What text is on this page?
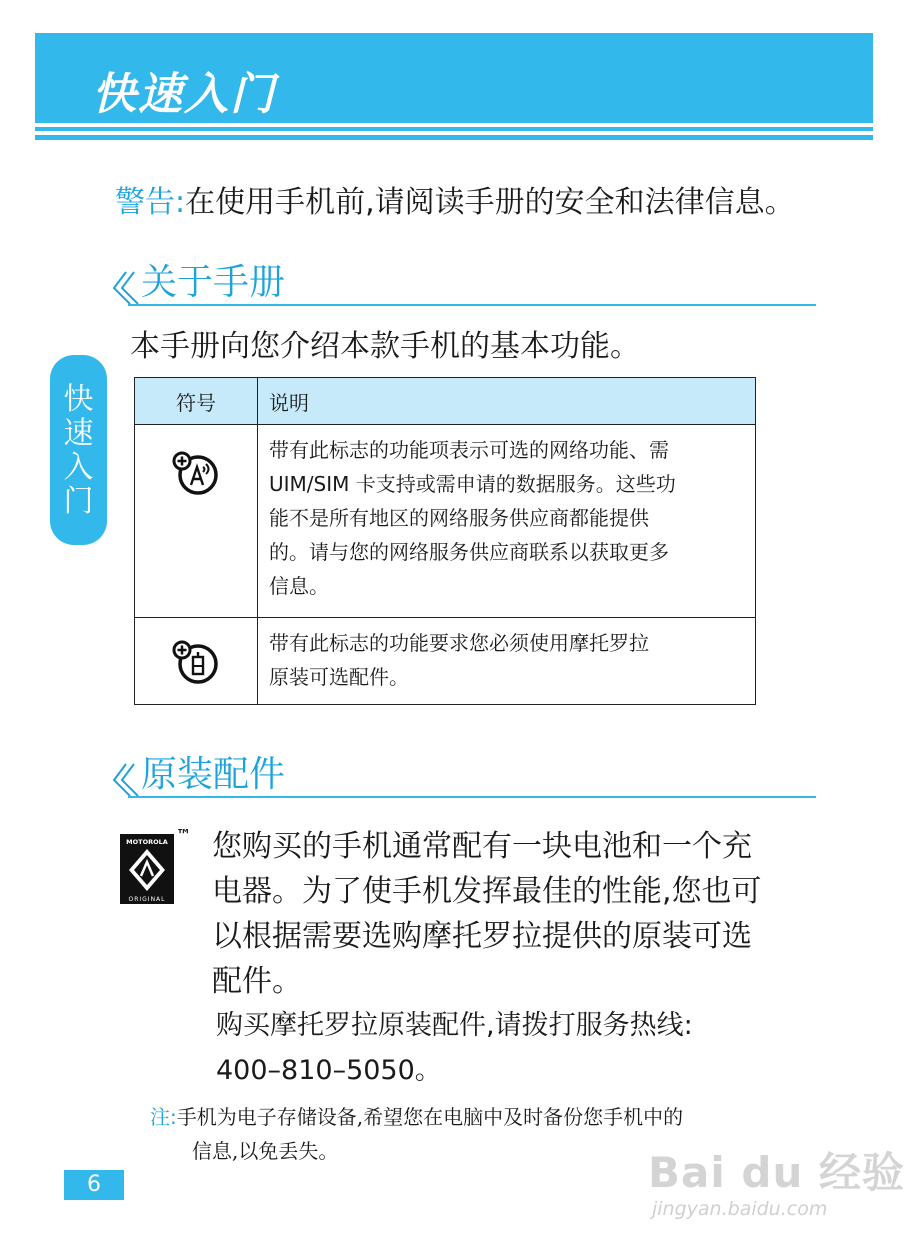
快速入门
警告:在使用手机前,请阅读手册的安全和法律信息。
关于手册
本手册向您介绍本款手机的基本功能。
快
速
入
门
符号	说明

带有此标志的功能项表示可选的网络功能、需
UIM/SIM 卡支持或需申请的数据服务。这些功
能不是所有地区的网络服务供应商都能提供
的。请与您的网络服务供应商联系以获取更多
信息。

带有此标志的功能要求您必须使用摩托罗拉
原装可选配件。
原装配件
MOTOROLA
ORIGINAL
™ 您购买的手机通常配有一块电池和一个充
电器。为了使手机发挥最佳的性能,您也可
以根据需要选购摩托罗拉提供的原装可选
配件。
购买摩托罗拉原装配件,请拨打服务热线:
400–810–5050。
注:手机为电子存储设备,希望您在电脑中及时备份您手机中的
信息,以免丢失。
6	Bai du 经验
jingyan.baidu.com
